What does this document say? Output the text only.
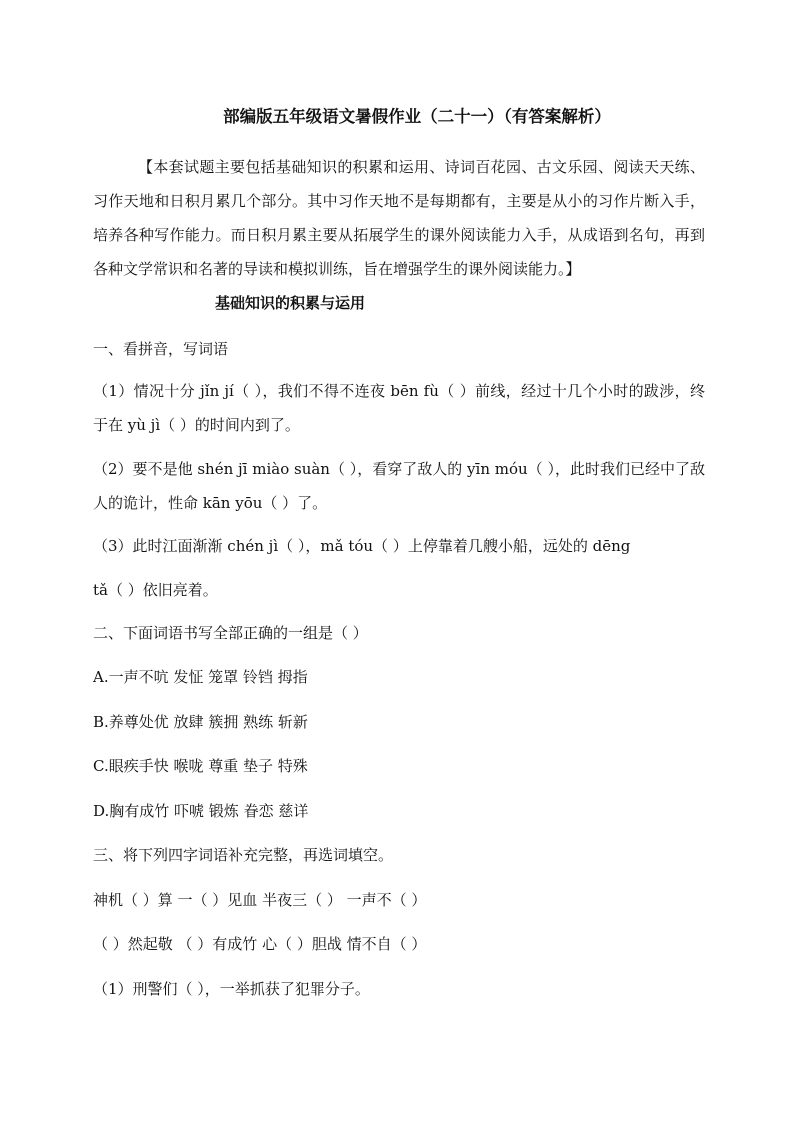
部编版五年级语文暑假作业（二十一）（有答案解析）
【本套试题主要包括基础知识的积累和运用、诗词百花园、古文乐园、阅读天天练、习作天地和日积月累几个部分。其中习作天地不是每期都有，主要是从小的习作片断入手，培养各种写作能力。而日积月累主要从拓展学生的课外阅读能力入手，从成语到名句，再到各种文学常识和名著的导读和模拟训练，旨在增强学生的课外阅读能力。】
基础知识的积累与运用
一、看拼音，写词语
（1）情况十分 jǐn jí（ ），我们不得不连夜 bēn fù（ ）前线，经过十几个小时的跋涉，终于在 yù jì（ ）的时间内到了。
（2）要不是他 shén jī miào suàn（ ），看穿了敌人的 yīn móu（ ），此时我们已经中了敌人的诡计，性命 kān yōu（ ）了。
（3）此时江面渐渐 chén jì（ ），mǎ tóu（ ）上停靠着几艘小船，远处的 dēng
tǎ（ ）依旧亮着。
二、下面词语书写全部正确的一组是（ ）
A.一声不吭 发怔 笼罩 铃铛 拇指
B.养尊处优 放肆 簇拥 熟练 斩新
C.眼疾手快 喉咙 尊重 垫子 特殊
D.胸有成竹 吓唬 锻炼 眷恋 慈详
三、将下列四字词语补充完整，再选词填空。
神机（ ）算 一（ ）见血 半夜三（ ） 一声不（ ）
（ ）然起敬 （ ）有成竹 心（ ）胆战 情不自（ ）
（1）刑警们（ ），一举抓获了犯罪分子。
